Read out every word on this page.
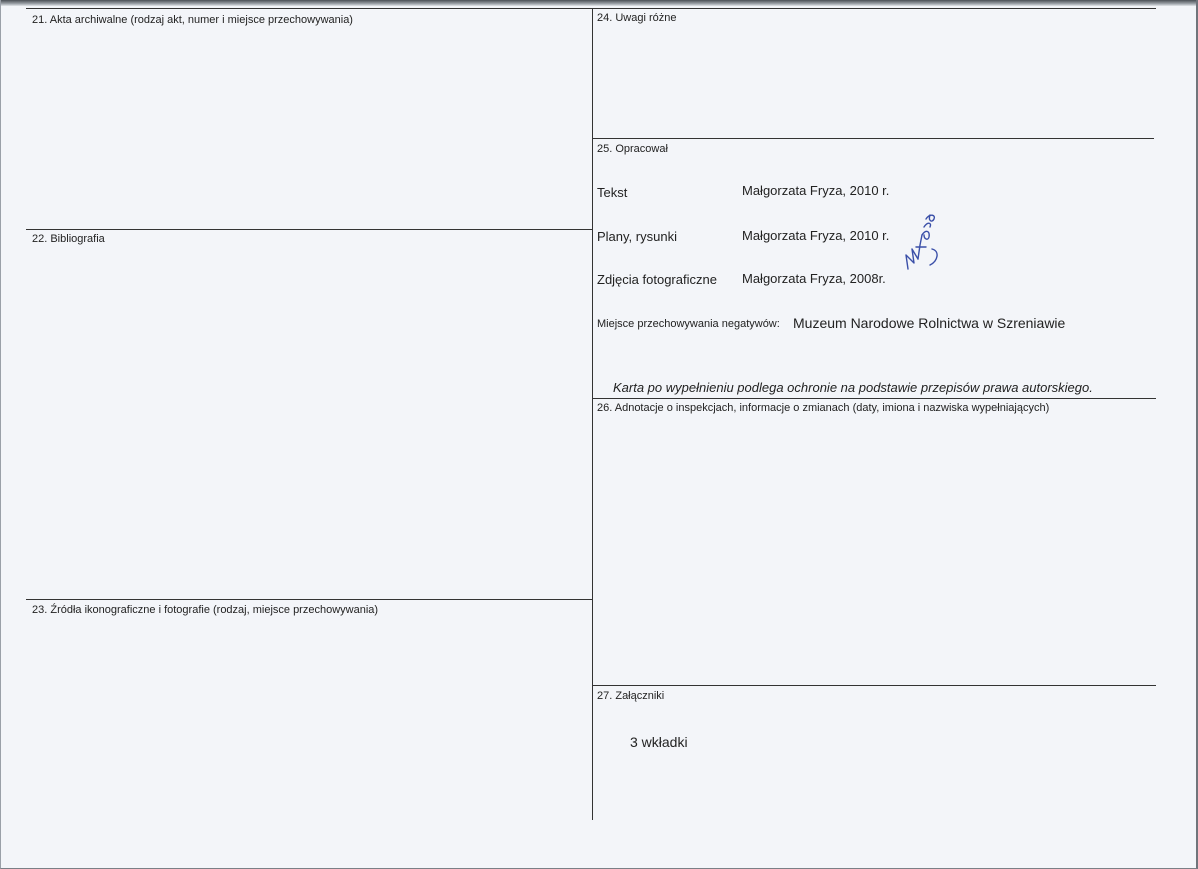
21. Akta archiwalne (rodzaj akt, numer i miejsce przechowywania)
22. Bibliografia
23. Źródła ikonograficzne i fotografie (rodzaj, miejsce przechowywania)
24. Uwagi różne
25. Opracował
Tekst	Małgorzata Fryza, 2010 r.
Plany, rysunki	Małgorzata Fryza, 2010 r.
Zdjęcia fotograficzne Małgorzata Fryza, 2008r.
MFryza
Miejsce przechowywania negatywów: Muzeum Narodowe Rolnictwa w Szreniawie
Karta po wypełnieniu podlega ochronie na podstawie przepisów prawa autorskiego.
26. Adnotacje o inspekcjach, informacje o zmianach (daty, imiona i nazwiska wypełniających)
27. Załączniki
3 wkładki
